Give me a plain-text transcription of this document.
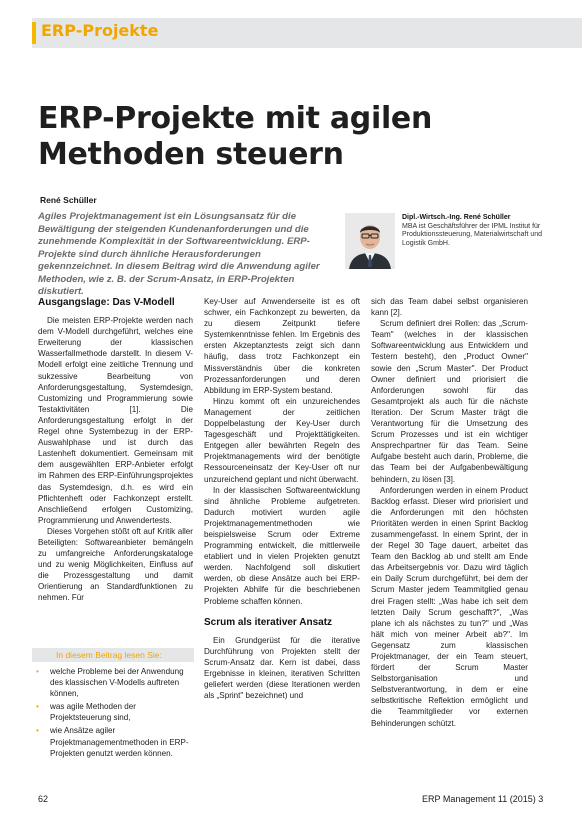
ERP-Projekte
ERP-Projekte mit agilen
Methoden steuern
René Schüller
Agiles Projektmanagement ist ein Lösungsansatz für die Bewältigung der steigenden Kundenanforderungen und die zunehmende Komplexität in der Softwareentwicklung. ERP-Projekte sind durch ähnliche Herausforderungen gekennzeichnet. In diesem Beitrag wird die Anwendung agiler Methoden, wie z. B. der Scrum-Ansatz, in ERP-Projekten diskutiert.
Dipl.-Wirtsch.-Ing. René Schüller
MBA ist Geschäftsführer der IPML Institut für Produktionssteuerung, Materialwirtschaft und Logistik GmbH.
Ausgangslage: Das V-Modell

Die meisten ERP-Projekte werden nach dem V-Modell durchgeführt, welches eine Erweiterung der klassischen Wasserfallmethode darstellt. In diesem V-Modell erfolgt eine zeitliche Trennung und sukzessive Bearbeitung von Anforderungsgestaltung, Systemdesign, Customizing und Programmierung sowie Testaktivitäten [1]. Die Anforderungsgestaltung erfolgt in der Regel ohne Systembezug in der ERP-Auswahlphase und ist durch das Lastenheft dokumentiert. Gemeinsam mit dem ausgewählten ERP-Anbieter erfolgt im Rahmen des ERP-Einführungsprojektes das Systemdesign, d.h. es wird ein Pflichtenheft oder Fachkonzept erstellt. Anschließend erfolgen Customizing, Programmierung und Anwendertests.

Dieses Vorgehen stößt oft auf Kritik aller Beteiligten: Softwareanbieter bemängeln zu umfangreiche Anforderungskataloge und zu wenig Möglichkeiten, Einfluss auf die Prozessgestaltung und damit Orientierung an Standardfunktionen zu nehmen. Für

In diesem Beitrag lesen Sie:
• welche Probleme bei der Anwendung des klassischen V-Modells auftreten können,
• was agile Methoden der Projektsteuerung sind,
• wie Ansätze agiler Projektmanagementmethoden in ERP-Projekten genutzt werden können.

Key-User auf Anwenderseite ist es oft schwer, ein Fachkonzept zu bewerten, da zu diesem Zeitpunkt tiefere Systemkenntnisse fehlen. Im Ergebnis des ersten Akzeptanztests zeigt sich dann häufig, dass trotz Fachkonzept ein Missverständnis über die konkreten Prozessanforderungen und deren Abbildung im ERP-System bestand.

Hinzu kommt oft ein unzureichendes Management der zeitlichen Doppelbelastung der Key-User durch Tagesgeschäft und Projekttätigkeiten. Entgegen aller bewährten Regeln des Projektmanagements wird der benötigte Ressourceneinsatz der Key-User oft nur unzureichend geplant und nicht überwacht.

In der klassischen Softwareentwicklung sind ähnliche Probleme aufgetreten. Dadurch motiviert wurden agile Projektmanagementmethoden wie beispielsweise Scrum oder Extreme Programming entwickelt, die mittlerweile etabliert und in vielen Projekten genutzt werden. Nachfolgend soll diskutiert werden, ob diese Ansätze auch bei ERP-Projekten Abhilfe für die beschriebenen Probleme schaffen können.

Scrum als iterativer Ansatz

Ein Grundgerüst für die iterative Durchführung von Projekten stellt der Scrum-Ansatz dar. Kern ist dabei, dass Ergebnisse in kleinen, iterativen Schritten geliefert werden (diese Iterationen werden als „Sprint" bezeichnet) und

sich das Team dabei selbst organisieren kann [2].

Scrum definiert drei Rollen: das „Scrum-Team" (welches in der klassischen Softwareentwicklung aus Entwicklern und Testern besteht), den „Product Owner" sowie den „Scrum Master". Der Product Owner definiert und priorisiert die Anforderungen sowohl für das Gesamtprojekt als auch für die nächste Iteration. Der Scrum Master trägt die Verantwortung für die Umsetzung des Scrum Prozesses und ist ein wichtiger Ansprechpartner für das Team. Seine Aufgabe besteht auch darin, Probleme, die das Team bei der Aufgabenbewältigung behindern, zu lösen [3].

Anforderungen werden in einem Product Backlog erfasst. Dieser wird priorisiert und die Anforderungen mit den höchsten Prioritäten werden in einen Sprint Backlog zusammengefasst. In einem Sprint, der in der Regel 30 Tage dauert, arbeitet das Team den Backlog ab und stellt am Ende das Arbeitsergebnis vor. Dazu wird täglich ein Daily Scrum durchgeführt, bei dem der Scrum Master jedem Teammitglied genau drei Fragen stellt: „Was habe ich seit dem letzten Daily Scrum geschafft?", „Was plane ich als nächstes zu tun?" und „Was hält mich von meiner Arbeit ab?". Im Gegensatz zum klassischen Projektmanager, der ein Team steuert, fördert der Scrum Master Selbstorganisation und Selbstverantwortung, in dem er eine selbstkritische Reflektion ermöglicht und die Teammitglieder vor externen Behinderungen schützt.

62	ERP Management 11 (2015) 3
